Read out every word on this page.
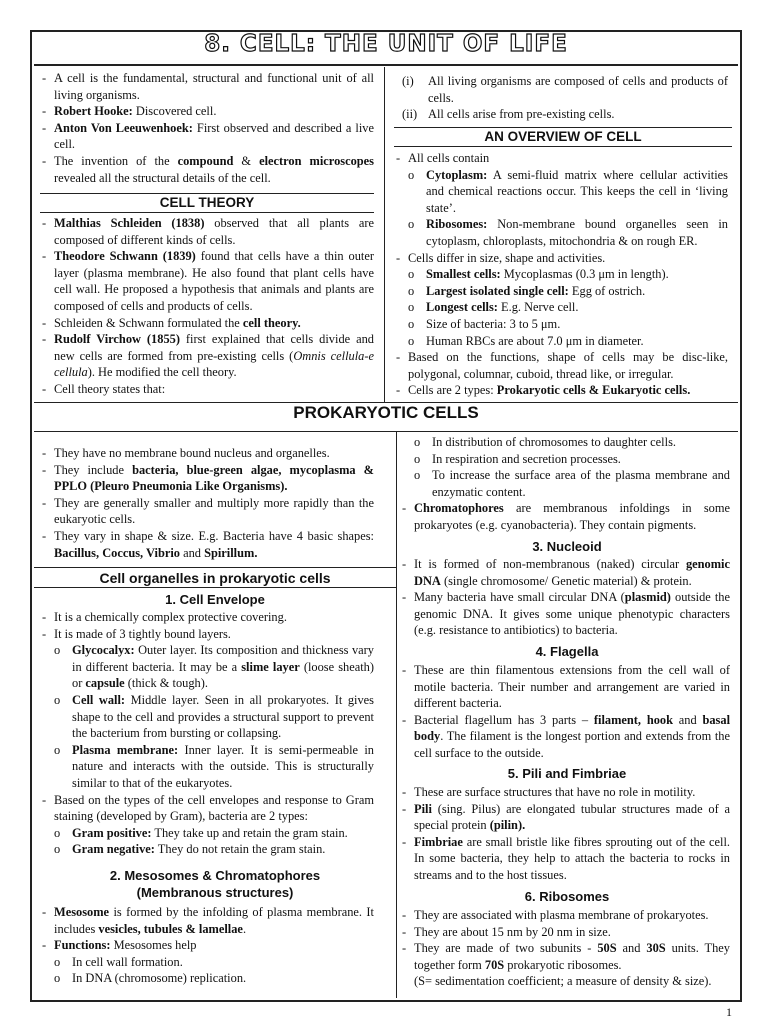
8. CELL: THE UNIT OF LIFE
- A cell is the fundamental, structural and functional unit of all living organisms.
- Robert Hooke: Discovered cell.
- Anton Von Leeuwenhoek: First observed and described a live cell.
- The invention of the compound & electron microscopes revealed all the structural details of the cell.
CELL THEORY
- Malthias Schleiden (1838) observed that all plants are composed of different kinds of cells.
- Theodore Schwann (1839) found that cells have a thin outer layer (plasma membrane). He also found that plant cells have cell wall. He proposed a hypothesis that animals and plants are composed of cells and products of cells.
- Schleiden & Schwann formulated the cell theory.
- Rudolf Virchow (1855) first explained that cells divide and new cells are formed from pre-existing cells (Omnis cellula-e cellula). He modified the cell theory.
- Cell theory states that:
(i) All living organisms are composed of cells and products of cells.
(ii) All cells arise from pre-existing cells.
AN OVERVIEW OF CELL
- All cells contain
o Cytoplasm: A semi-fluid matrix where cellular activities and chemical reactions occur. This keeps the cell in ‘living state’.
o Ribosomes: Non-membrane bound organelles seen in cytoplasm, chloroplasts, mitochondria & on rough ER.
- Cells differ in size, shape and activities.
o Smallest cells: Mycoplasmas (0.3 μm in length).
o Largest isolated single cell: Egg of ostrich.
o Longest cells: E.g. Nerve cell.
o Size of bacteria: 3 to 5 μm.
o Human RBCs are about 7.0 μm in diameter.
- Based on the functions, shape of cells may be disc-like, polygonal, columnar, cuboid, thread like, or irregular.
- Cells are 2 types: Prokaryotic cells & Eukaryotic cells.
PROKARYOTIC CELLS
- They have no membrane bound nucleus and organelles.
- They include bacteria, blue-green algae, mycoplasma & PPLO (Pleuro Pneumonia Like Organisms).
- They are generally smaller and multiply more rapidly than the eukaryotic cells.
- They vary in shape & size. E.g. Bacteria have 4 basic shapes: Bacillus, Coccus, Vibrio and Spirillum.
Cell organelles in prokaryotic cells
1. Cell Envelope
- It is a chemically complex protective covering.
- It is made of 3 tightly bound layers.
o Glycocalyx: Outer layer. Its composition and thickness vary in different bacteria. It may be a slime layer (loose sheath) or capsule (thick & tough).
o Cell wall: Middle layer. Seen in all prokaryotes. It gives shape to the cell and provides a structural support to prevent the bacterium from bursting or collapsing.
o Plasma membrane: Inner layer. It is semi-permeable in nature and interacts with the outside. This is structurally similar to that of the eukaryotes.
- Based on the types of the cell envelopes and response to Gram staining (developed by Gram), bacteria are 2 types:
o Gram positive: They take up and retain the gram stain.
o Gram negative: They do not retain the gram stain.
2. Mesosomes & Chromatophores
(Membranous structures)
- Mesosome is formed by the infolding of plasma membrane. It includes vesicles, tubules & lamellae.
- Functions: Mesosomes help
o In cell wall formation.
o In DNA (chromosome) replication.
o In distribution of chromosomes to daughter cells.
o In respiration and secretion processes.
o To increase the surface area of the plasma membrane and enzymatic content.
- Chromatophores are membranous infoldings in some prokaryotes (e.g. cyanobacteria). They contain pigments.
3. Nucleoid
- It is formed of non-membranous (naked) circular genomic DNA (single chromosome/ Genetic material) & protein.
- Many bacteria have small circular DNA (plasmid) outside the genomic DNA. It gives some unique phenotypic characters (e.g. resistance to antibiotics) to bacteria.
4. Flagella
- These are thin filamentous extensions from the cell wall of motile bacteria. Their number and arrangement are varied in different bacteria.
- Bacterial flagellum has 3 parts – filament, hook and basal body. The filament is the longest portion and extends from the cell surface to the outside.
5. Pili and Fimbriae
- These are surface structures that have no role in motility.
- Pili (sing. Pilus) are elongated tubular structures made of a special protein (pilin).
- Fimbriae are small bristle like fibres sprouting out of the cell. In some bacteria, they help to attach the bacteria to rocks in streams and to the host tissues.
6. Ribosomes
- They are associated with plasma membrane of prokaryotes.
- They are about 15 nm by 20 nm in size.
- They are made of two subunits - 50S and 30S units. They together form 70S prokaryotic ribosomes.
(S= sedimentation coefficient; a measure of density & size).
1
